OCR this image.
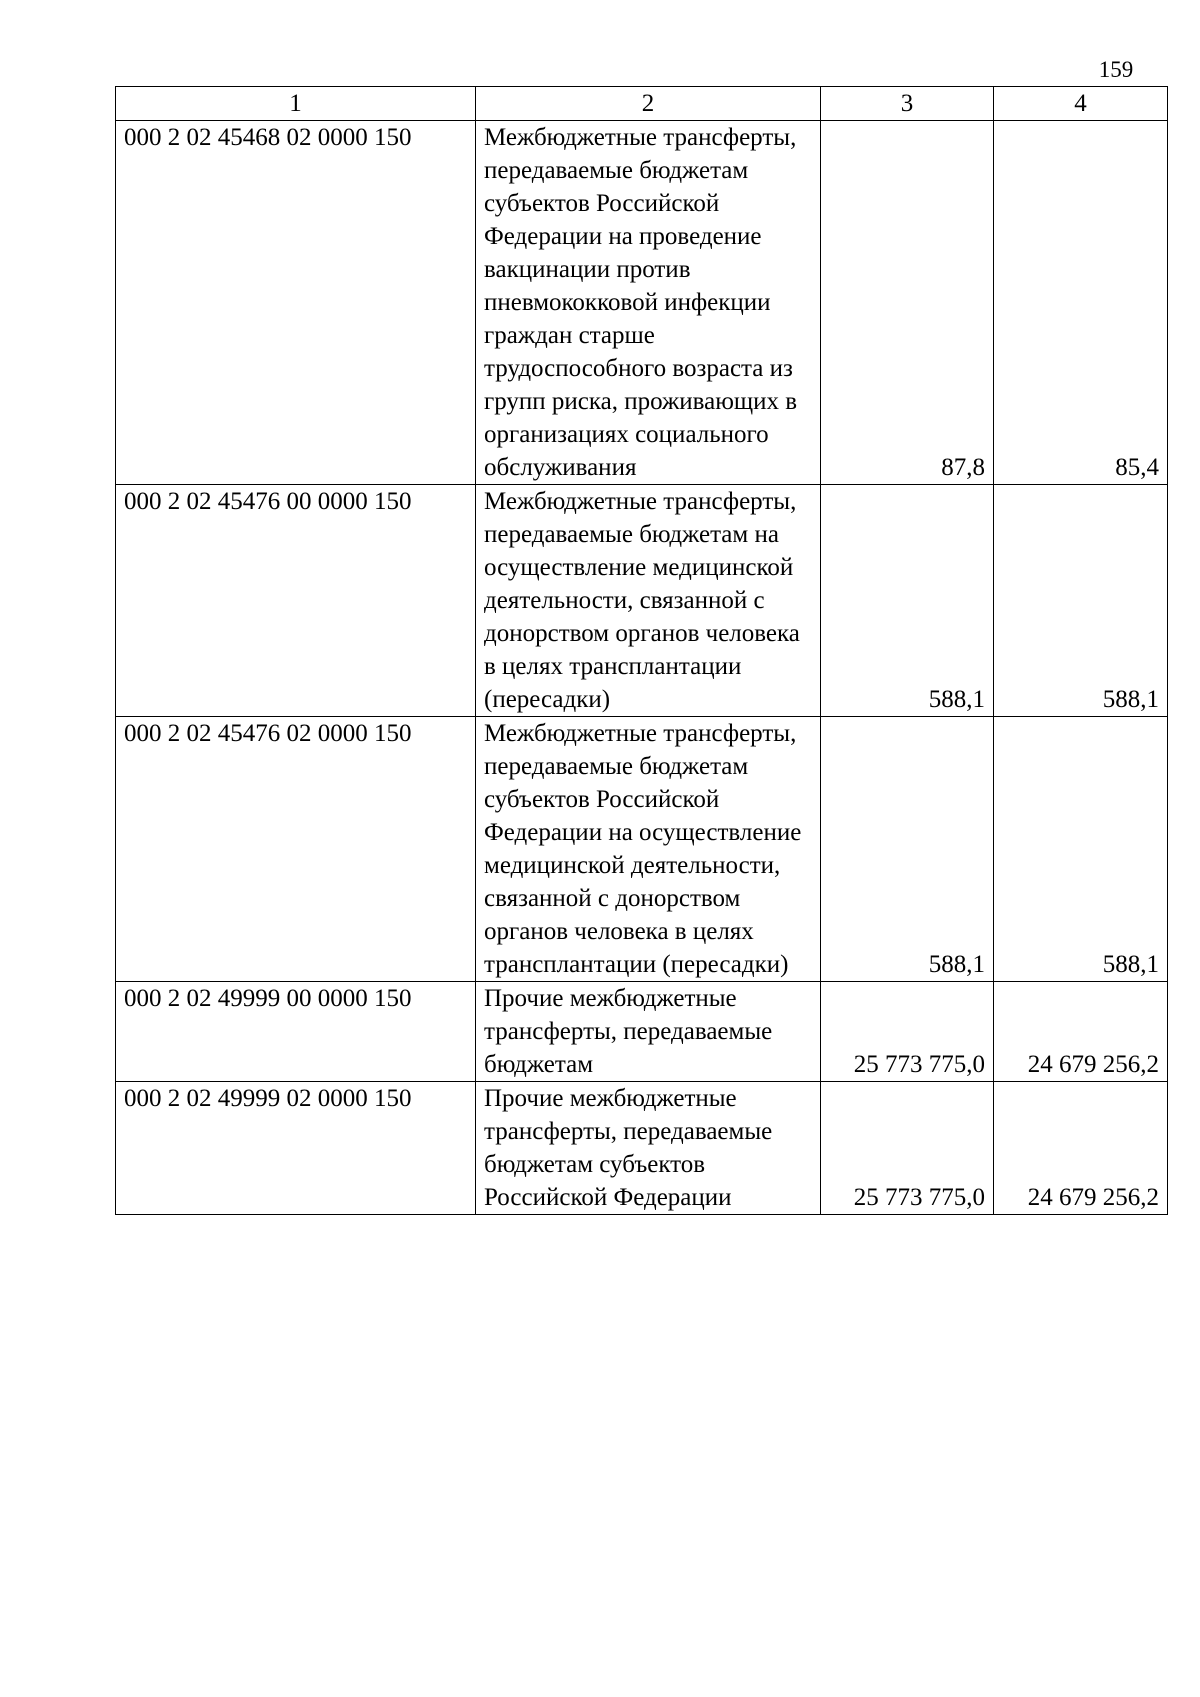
159
1	2	3	4
000 2 02 45468 02 0000 150	Межбюджетные трансферты, передаваемые бюджетам субъектов Российской Федерации на проведение вакцинации против пневмококковой инфекции граждан старше трудоспособного возраста из групп риска, проживающих в организациях социального обслуживания	87,8	85,4
000 2 02 45476 00 0000 150	Межбюджетные трансферты, передаваемые бюджетам на осуществление медицинской деятельности, связанной с донорством органов человека в целях трансплантации (пересадки)	588,1	588,1
000 2 02 45476 02 0000 150	Межбюджетные трансферты, передаваемые бюджетам субъектов Российской Федерации на осуществление медицинской деятельности, связанной с донорством органов человека в целях трансплантации (пересадки)	588,1	588,1
000 2 02 49999 00 0000 150	Прочие межбюджетные трансферты, передаваемые бюджетам	25 773 775,0	24 679 256,2
000 2 02 49999 02 0000 150	Прочие межбюджетные трансферты, передаваемые бюджетам субъектов Российской Федерации	25 773 775,0	24 679 256,2
